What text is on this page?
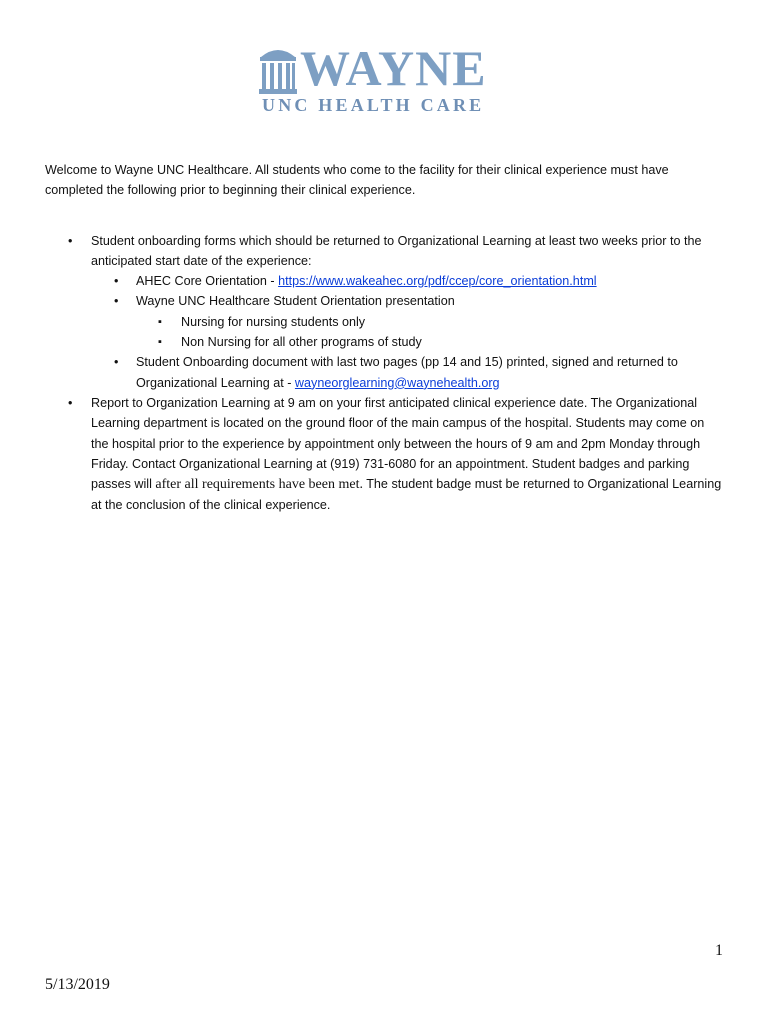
WAYNE
UNC HEALTH CARE

Welcome to Wayne UNC Healthcare. All students who come to the facility for their clinical experience must have completed the following prior to beginning their clinical experience.

• Student onboarding forms which should be returned to Organizational Learning at least two weeks prior to the anticipated start date of the experience:
• AHEC Core Orientation - https://www.wakeahec.org/pdf/ccep/core_orientation.html
• Wayne UNC Healthcare Student Orientation presentation
▪ Nursing for nursing students only
▪ Non Nursing for all other programs of study
• Student Onboarding document with last two pages (pp 14 and 15) printed, signed and returned to Organizational Learning at - wayneorglearning@waynehealth.org
• Report to Organization Learning at 9 am on your first anticipated clinical experience date. The Organizational Learning department is located on the ground floor of the main campus of the hospital. Students may come on the hospital prior to the experience by appointment only between the hours of 9 am and 2pm Monday through Friday. Contact Organizational Learning at (919) 731-6080 for an appointment. Student badges and parking passes will after all requirements have been met. The student badge must be returned to Organizational Learning at the conclusion of the clinical experience.
1
5/13/2019
